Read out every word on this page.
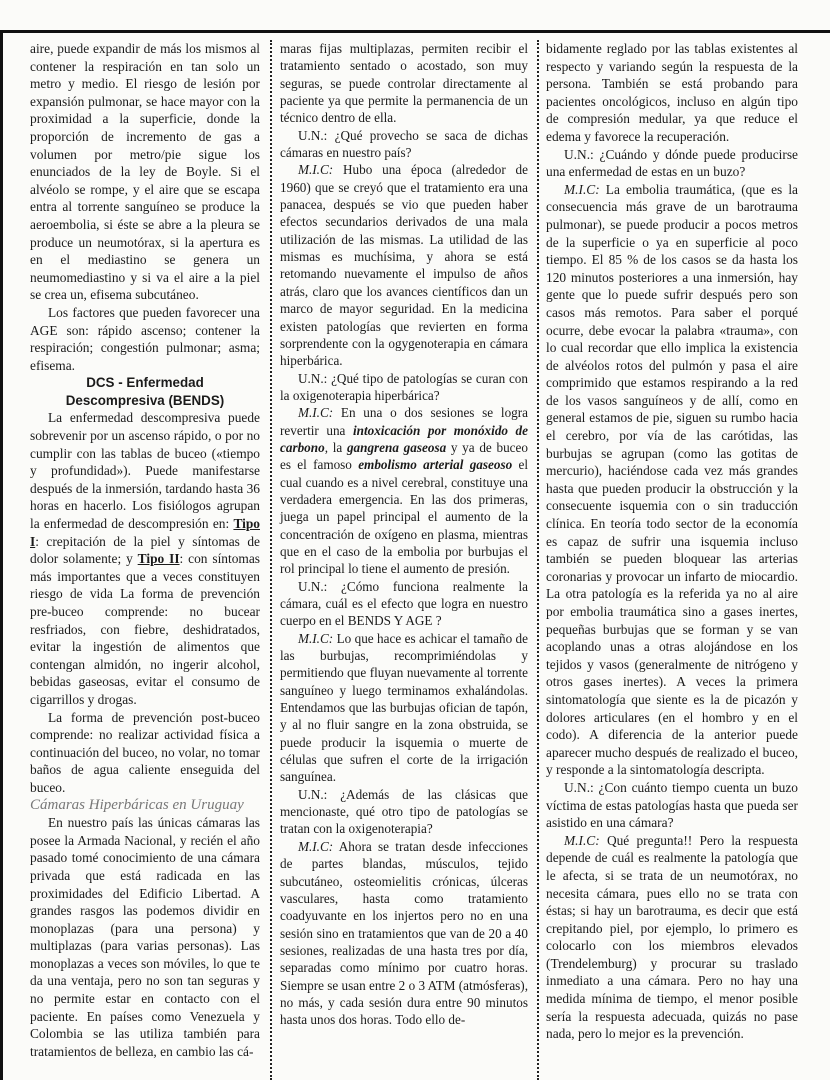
aire, puede expandir de más los mismos al contener la respiración en tan solo un metro y medio. El riesgo de lesión por expansión pulmonar, se hace mayor con la proximidad a la superficie, donde la proporción de incremento de gas a volumen por metro/pie sigue los enunciados de la ley de Boyle. Si el alvéolo se rompe, y el aire que se escapa entra al torrente sanguíneo se produce la aeroembolia, si éste se abre a la pleura se produce un neumotórax, si la apertura es en el mediastino se genera un neumomediastino y si va el aire a la piel se crea un, efisema subcutáneo.

Los factores que pueden favorecer una AGE son: rápido ascenso; contener la respiración; congestión pulmonar; asma; efisema.

DCS - Enfermedad Descompresiva (BENDS)

La enfermedad descompresiva puede sobrevenir por un ascenso rápido, o por no cumplir con las tablas de buceo («tiempo y profundidad»). Puede manifestarse después de la inmersión, tardando hasta 36 horas en hacerlo. Los fisiólogos agrupan la enfermedad de descompresión en: Tipo I: crepitación de la piel y síntomas de dolor solamente; y Tipo II: con síntomas más importantes que a veces constituyen riesgo de vida La forma de prevención pre-buceo comprende: no bucear resfriados, con fiebre, deshidratados, evitar la ingestión de alimentos que contengan almidón, no ingerir alcohol, bebidas gaseosas, evitar el consumo de cigarrillos y drogas.

La forma de prevención post-buceo comprende: no realizar actividad física a continuación del buceo, no volar, no tomar baños de agua caliente enseguida del buceo.

Cámaras Hiperbáricas en Uruguay

En nuestro país las únicas cámaras las posee la Armada Nacional, y recién el año pasado tomé conocimiento de una cámara privada que está radicada en las proximidades del Edificio Libertad. A grandes rasgos las podemos dividir en monoplazas (para una persona) y multiplazas (para varias personas). Las monoplazas a veces son móviles, lo que te da una ventaja, pero no son tan seguras y no permite estar en contacto con el paciente. En países como Venezuela y Colombia se las utiliza también para tratamientos de belleza, en cambio las cá-

maras fijas multiplazas, permiten recibir el tratamiento sentado o acostado, son muy seguras, se puede controlar directamente al paciente ya que permite la permanencia de un técnico dentro de ella.

U.N.: ¿Qué provecho se saca de dichas cámaras en nuestro país?

M.I.C: Hubo una época (alrededor de 1960) que se creyó que el tratamiento era una panacea, después se vio que pueden haber efectos secundarios derivados de una mala utilización de las mismas. La utilidad de las mismas es muchísima, y ahora se está retomando nuevamente el impulso de años atrás, claro que los avances científicos dan un marco de mayor seguridad. En la medicina existen patologías que revierten en forma sorprendente con la ogygenoterapia en cámara hiperbárica.

U.N.: ¿Qué tipo de patologías se curan con la oxigenoterapia hiperbárica?

M.I.C: En una o dos sesiones se logra revertir una intoxicación por monóxido de carbono, la gangrena gaseosa y ya de buceo es el famoso embolismo arterial gaseoso el cual cuando es a nivel cerebral, constituye una verdadera emergencia. En las dos primeras, juega un papel principal el aumento de la concentración de oxígeno en plasma, mientras que en el caso de la embolia por burbujas el rol principal lo tiene el aumento de presión.

U.N.: ¿Cómo funciona realmente la cámara, cuál es el efecto que logra en nuestro cuerpo en el BENDS Y AGE ?

M.I.C: Lo que hace es achicar el tamaño de las burbujas, recomprimiéndolas y permitiendo que fluyan nuevamente al torrente sanguíneo y luego terminamos exhalándolas. Entendamos que las burbujas ofician de tapón, y al no fluir sangre en la zona obstruida, se puede producir la isquemia o muerte de células que sufren el corte de la irrigación sanguínea.

U.N.: ¿Además de las clásicas que mencionaste, qué otro tipo de patologías se tratan con la oxigenoterapia?

M.I.C: Ahora se tratan desde infecciones de partes blandas, músculos, tejido subcutáneo, osteomielitis crónicas, úlceras vasculares, hasta como tratamiento coadyuvante en los injertos pero no en una sesión sino en tratamientos que van de 20 a 40 sesiones, realizadas de una hasta tres por día, separadas como mínimo por cuatro horas. Siempre se usan entre 2 o 3 ATM (atmósferas), no más, y cada sesión dura entre 90 minutos hasta unos dos horas. Todo ello de-

bidamente reglado por las tablas existentes al respecto y variando según la respuesta de la persona. También se está probando para pacientes oncológicos, incluso en algún tipo de compresión medular, ya que reduce el edema y favorece la recuperación.

U.N.: ¿Cuándo y dónde puede producirse una enfermedad de estas en un buzo?

M.I.C: La embolia traumática, (que es la consecuencia más grave de un barotrauma pulmonar), se puede producir a pocos metros de la superficie o ya en superficie al poco tiempo. El 85 % de los casos se da hasta los 120 minutos posteriores a una inmersión, hay gente que lo puede sufrir después pero son casos más remotos. Para saber el porqué ocurre, debe evocar la palabra «trauma», con lo cual recordar que ello implica la existencia de alvéolos rotos del pulmón y pasa el aire comprimido que estamos respirando a la red de los vasos sanguíneos y de allí, como en general estamos de pie, siguen su rumbo hacia el cerebro, por vía de las carótidas, las burbujas se agrupan (como las gotitas de mercurio), haciéndose cada vez más grandes hasta que pueden producir la obstrucción y la consecuente isquemia con o sin traducción clínica. En teoría todo sector de la economía es capaz de sufrir una isquemia incluso también se pueden bloquear las arterias coronarias y provocar un infarto de miocardio. La otra patología es la referida ya no al aire por embolia traumática sino a gases inertes, pequeñas burbujas que se forman y se van acoplando unas a otras alojándose en los tejidos y vasos (generalmente de nitrógeno y otros gases inertes). A veces la primera sintomatología que siente es la de picazón y dolores articulares (en el hombro y en el codo). A diferencia de la anterior puede aparecer mucho después de realizado el buceo, y responde a la sintomatología descripta.

U.N.: ¿Con cuánto tiempo cuenta un buzo víctima de estas patologías hasta que pueda ser asistido en una cámara?

M.I.C: Qué pregunta!! Pero la respuesta depende de cuál es realmente la patología que le afecta, si se trata de un neumotórax, no necesita cámara, pues ello no se trata con éstas; si hay un barotrauma, es decir que está crepitando piel, por ejemplo, lo primero es colocarlo con los miembros elevados (Trendelemburg) y procurar su traslado inmediato a una cámara. Pero no hay una medida mínima de tiempo, el menor posible sería la respuesta adecuada, quizás no pase nada, pero lo mejor es la prevención.
